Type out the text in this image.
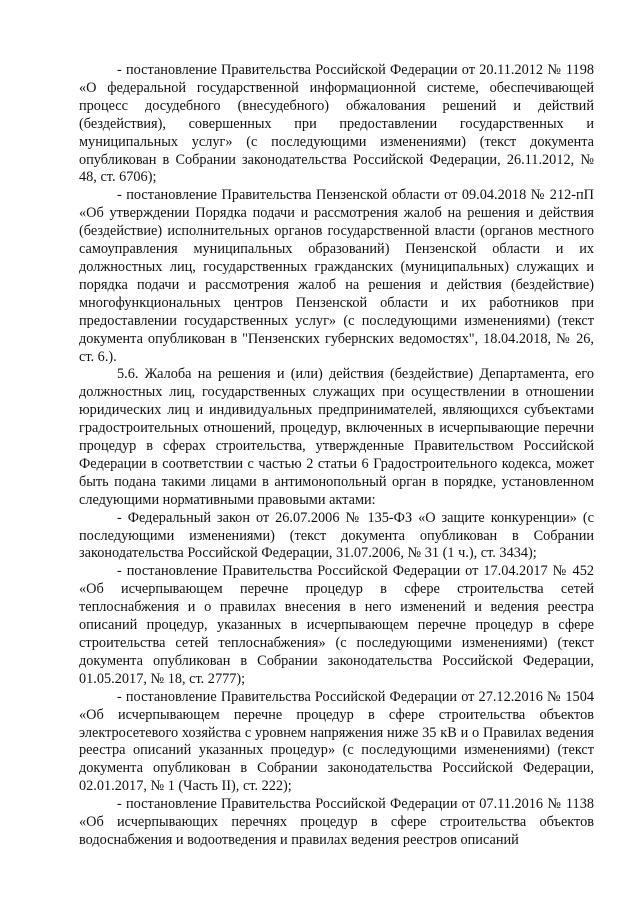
- постановление Правительства Российской Федерации от 20.11.2012 № 1198 «О федеральной государственной информационной системе, обеспечивающей процесс досудебного (внесудебного) обжалования решений и действий (бездействия), совершенных при предоставлении государственных и муниципальных услуг» (с последующими изменениями) (текст документа опубликован в Собрании законодательства Российской Федерации, 26.11.2012, № 48, ст. 6706);

- постановление Правительства Пензенской области от 09.04.2018 № 212-пП «Об утверждении Порядка подачи и рассмотрения жалоб на решения и действия (бездействие) исполнительных органов государственной власти (органов местного самоуправления муниципальных образований) Пензенской области и их должностных лиц, государственных гражданских (муниципальных) служащих и порядка подачи и рассмотрения жалоб на решения и действия (бездействие) многофункциональных центров Пензенской области и их работников при предоставлении государственных услуг» (с последующими изменениями) (текст документа опубликован в "Пензенских губернских ведомостях", 18.04.2018, № 26, ст. 6.).

5.6. Жалоба на решения и (или) действия (бездействие) Департамента, его должностных лиц, государственных служащих при осуществлении в отношении юридических лиц и индивидуальных предпринимателей, являющихся субъектами градостроительных отношений, процедур, включенных в исчерпывающие перечни процедур в сферах строительства, утвержденные Правительством Российской Федерации в соответствии с частью 2 статьи 6 Градостроительного кодекса, может быть подана такими лицами в антимонопольный орган в порядке, установленном следующими нормативными правовыми актами:

- Федеральный закон от 26.07.2006 № 135-ФЗ «О защите конкуренции» (с последующими изменениями) (текст документа опубликован в Собрании законодательства Российской Федерации, 31.07.2006, № 31 (1 ч.), ст. 3434);

- постановление Правительства Российской Федерации от 17.04.2017 № 452 «Об исчерпывающем перечне процедур в сфере строительства сетей теплоснабжения и о правилах внесения в него изменений и ведения реестра описаний процедур, указанных в исчерпывающем перечне процедур в сфере строительства сетей теплоснабжения» (с последующими изменениями) (текст документа опубликован в Собрании законодательства Российской Федерации, 01.05.2017, № 18, ст. 2777);

- постановление Правительства Российской Федерации от 27.12.2016 № 1504 «Об исчерпывающем перечне процедур в сфере строительства объектов электросетевого хозяйства с уровнем напряжения ниже 35 кВ и о Правилах ведения реестра описаний указанных процедур» (с последующими изменениями) (текст документа опубликован в Собрании законодательства Российской Федерации, 02.01.2017, № 1 (Часть II), ст. 222);

- постановление Правительства Российской Федерации от 07.11.2016 № 1138 «Об исчерпывающих перечнях процедур в сфере строительства объектов водоснабжения и водоотведения и правилах ведения реестров описаний
